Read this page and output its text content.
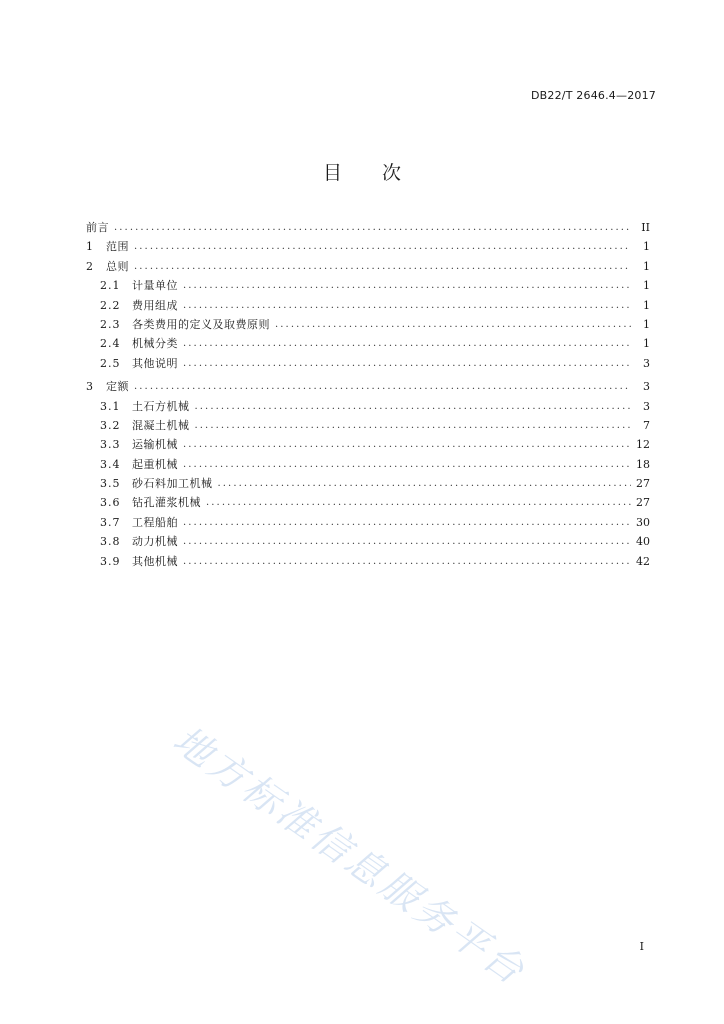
DB22/T 2646.4—2017
目 次
前言 .....	II
1	范围 .....	1
2	总则 .....	1
2.1	计量单位 .....	1
2.2	费用组成 .....	1
2.3	各类费用的定义及取费原则 .....	1
2.4	机械分类 .....	1
2.5	其他说明 .....	3
3	定额 .....	3
3.1	土石方机械 .....	3
3.2	混凝土机械 .....	7
3.3	运输机械 .....	12
3.4	起重机械 .....	18
3.5	砂石料加工机械 .....	27
3.6	钻孔灌浆机械 .....	27
3.7	工程船舶 .....	30
3.8	动力机械 .....	40
3.9	其他机械 .....	42
地方标准信息服务平台	I
